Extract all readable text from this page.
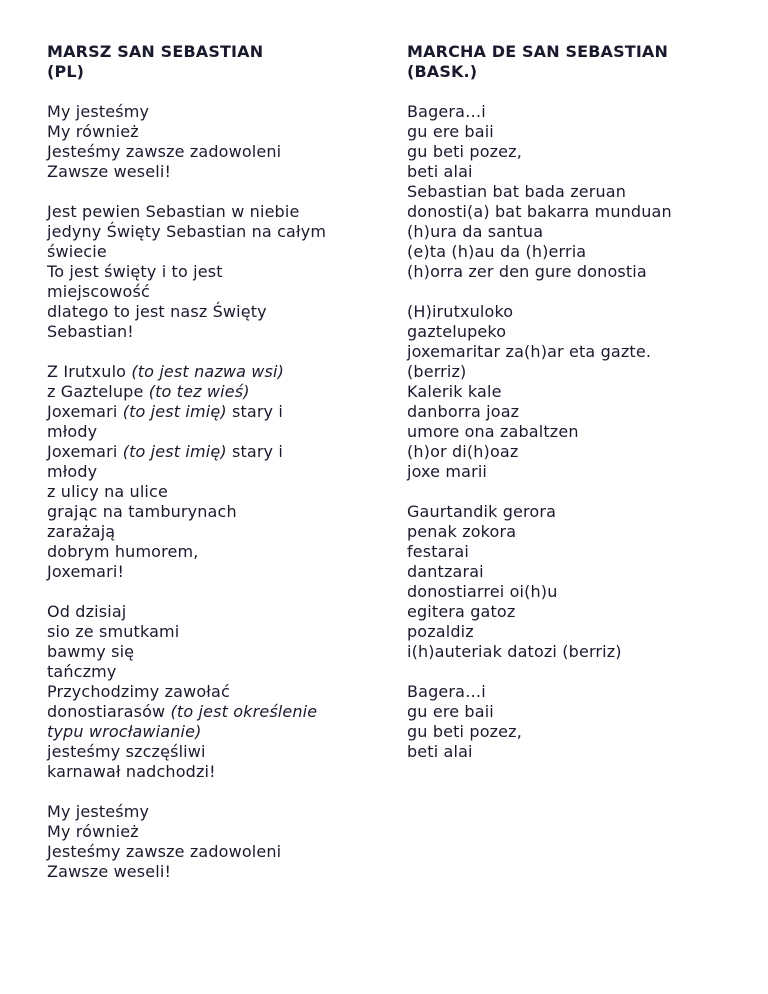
MARSZ SAN SEBASTIAN
(PL)
My jesteśmy
My również
Jesteśmy zawsze zadowoleni
Zawsze weseli!
Jest pewien Sebastian w niebie
jedyny Święty Sebastian na całym
świecie
To jest święty i to jest
miejscowość
dlatego to jest nasz Święty
Sebastian!
Z Irutxulo (to jest nazwa wsi)
z Gaztelupe (to tez wieś)
Joxemari (to jest imię) stary i
młody
Joxemari (to jest imię) stary i
młody
z ulicy na ulice
grając na tamburynach
zarażają
dobrym humorem,
Joxemari!
Od dzisiaj
sio ze smutkami
bawmy się
tańczmy
Przychodzimy zawołać
donostiarasów (to jest określenie
typu wrocławianie)
jesteśmy szczęśliwi
karnawał nadchodzi!
My jesteśmy
My również
Jesteśmy zawsze zadowoleni
Zawsze weseli!
MARCHA DE SAN SEBASTIAN
(BASK.)
Bagera…i
gu ere baii
gu beti pozez,
beti alai
Sebastian bat bada zeruan
donosti(a) bat bakarra munduan
(h)ura da santua
(e)ta (h)au da (h)erria
(h)orra zer den gure donostia
(H)irutxuloko
gaztelupeko
joxemaritar za(h)ar eta gazte.
(berriz)
Kalerik kale
danborra joaz
umore ona zabaltzen
(h)or di(h)oaz
joxe marii
Gaurtandik gerora
penak zokora
festarai
dantzarai
donostiarrei oi(h)u
egitera gatoz
pozaldiz
i(h)auteriak datozi (berriz)
Bagera…i
gu ere baii
gu beti pozez,
beti alai
